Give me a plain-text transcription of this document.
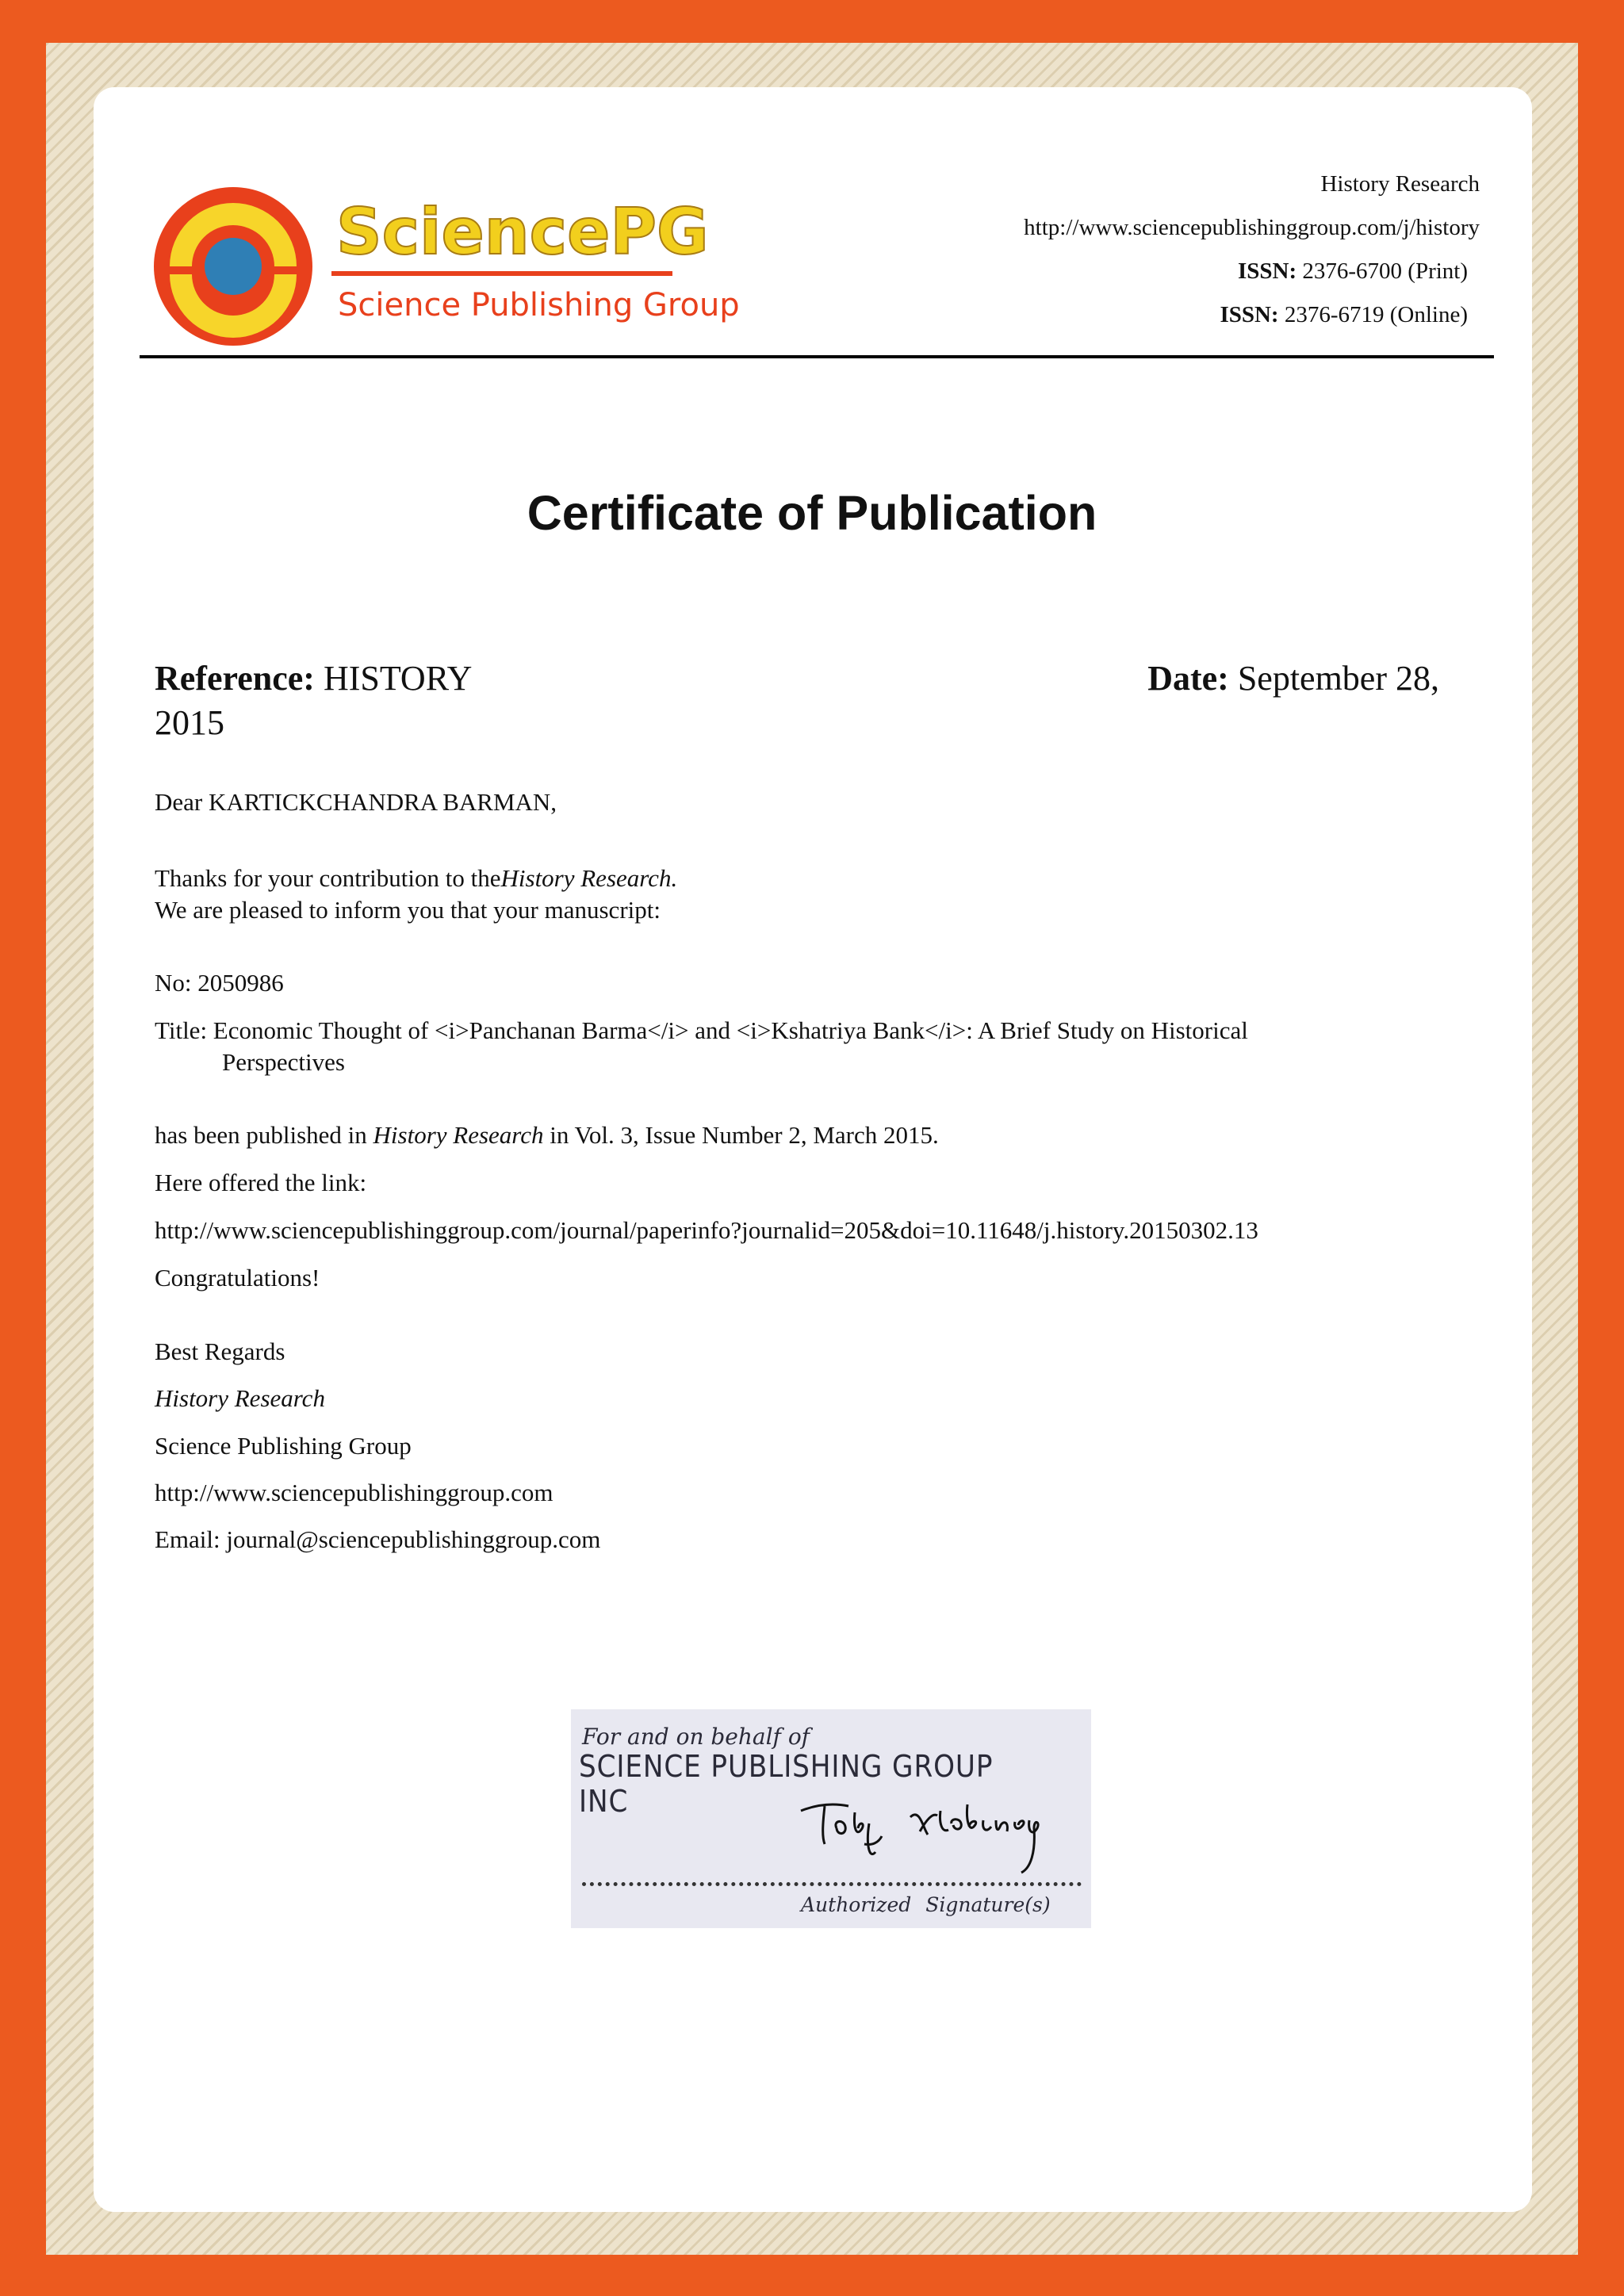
SciencePG
Science Publishing Group
History Research
http://www.sciencepublishinggroup.com/j/history
ISSN: 2376-6700 (Print)
ISSN: 2376-6719 (Online)
Certificate of Publication
Reference: HISTORY	Date: September 28,
2015
Dear KARTICKCHANDRA BARMAN,
Thanks for your contribution to theHistory Research.
We are pleased to inform you that your manuscript:
No: 2050986
Title: Economic Thought of <i>Panchanan Barma</i> and <i>Kshatriya Bank</i>: A Brief Study on Historical
Perspectives
has been published in History Research in Vol. 3, Issue Number 2, March 2015.
Here offered the link:
http://www.sciencepublishinggroup.com/journal/paperinfo?journalid=205&doi=10.11648/j.history.20150302.13
Congratulations!
Best Regards
History Research
Science Publishing Group
http://www.sciencepublishinggroup.com
Email: journal@sciencepublishinggroup.com
For and on behalf of
SCIENCE PUBLISHING GROUP INC
Authorized Signature(s)
